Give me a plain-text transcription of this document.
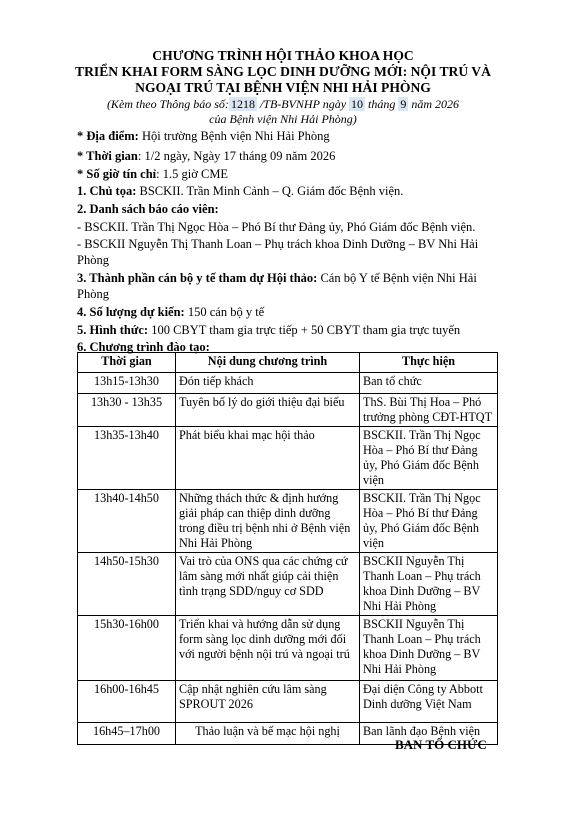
CHƯƠNG TRÌNH HỘI THẢO KHOA HỌC
TRIỂN KHAI FORM SÀNG LỌC DINH DƯỠNG MỚI: NỘI TRÚ VÀ
NGOẠI TRÚ TẠI BỆNH VIỆN NHI HẢI PHÒNG
(Kèm theo Thông báo số: 1218 /TB-BVNHP ngày 10 tháng 9 năm 2026
của Bệnh viện Nhi Hải Phòng)
* Địa điểm: Hội trường Bệnh viện Nhi Hải Phòng
* Thời gian: 1/2 ngày, Ngày 17 tháng 09 năm 2026
* Số giờ tín chỉ: 1.5 giờ CME
1. Chủ tọa: BSCKII. Trần Minh Cảnh – Q. Giám đốc Bệnh viện.
2. Danh sách báo cáo viên:
- BSCKII. Trần Thị Ngọc Hòa – Phó Bí thư Đảng ủy, Phó Giám đốc Bệnh viện.
- BSCKII Nguyễn Thị Thanh Loan – Phụ trách khoa Dinh Dưỡng – BV Nhi Hải
Phòng
3. Thành phần cán bộ y tế tham dự Hội thảo: Cán bộ Y tế Bệnh viện Nhi Hải
Phòng
4. Số lượng dự kiến: 150 cán bộ y tế
5. Hình thức: 100 CBYT tham gia trực tiếp + 50 CBYT tham gia trực tuyến
6. Chương trình đào tạo:
Thời gian	Nội dung chương trình	Thực hiện
13h15-13h30	Đón tiếp khách	Ban tổ chức
13h30 - 13h35	Tuyên bố lý do giới thiệu đại biểu	ThS. Bùi Thị Hoa – Phó trưởng phòng CĐT-HTQT
13h35-13h40	Phát biểu khai mạc hội thảo	BSCKII. Trần Thị Ngọc Hòa – Phó Bí thư Đảng ủy, Phó Giám đốc Bệnh viện
13h40-14h50	Những thách thức & định hướng giải pháp can thiệp dinh dưỡng trong điều trị bệnh nhi ở Bệnh viện Nhi Hải Phòng	BSCKII. Trần Thị Ngọc Hòa – Phó Bí thư Đảng ủy, Phó Giám đốc Bệnh viện
14h50-15h30	Vai trò của ONS qua các chứng cứ lâm sàng mới nhất giúp cải thiện tình trạng SDD/nguy cơ SDD	BSCKII Nguyễn Thị Thanh Loan – Phụ trách khoa Dinh Dưỡng – BV Nhi Hải Phòng
15h30-16h00	Triển khai và hướng dẫn sử dụng form sàng lọc dinh dưỡng mới đối với người bệnh nội trú và ngoại trú	BSCKII Nguyễn Thị Thanh Loan – Phụ trách khoa Dinh Dưỡng – BV Nhi Hải Phòng
16h00-16h45	Cập nhật nghiên cứu lâm sàng SPROUT 2026	Đại diện Công ty Abbott Dinh dưỡng Việt Nam
16h45–17h00	Thảo luận và bế mạc hội nghị	Ban lãnh đạo Bệnh viện
BAN TỔ CHỨC
